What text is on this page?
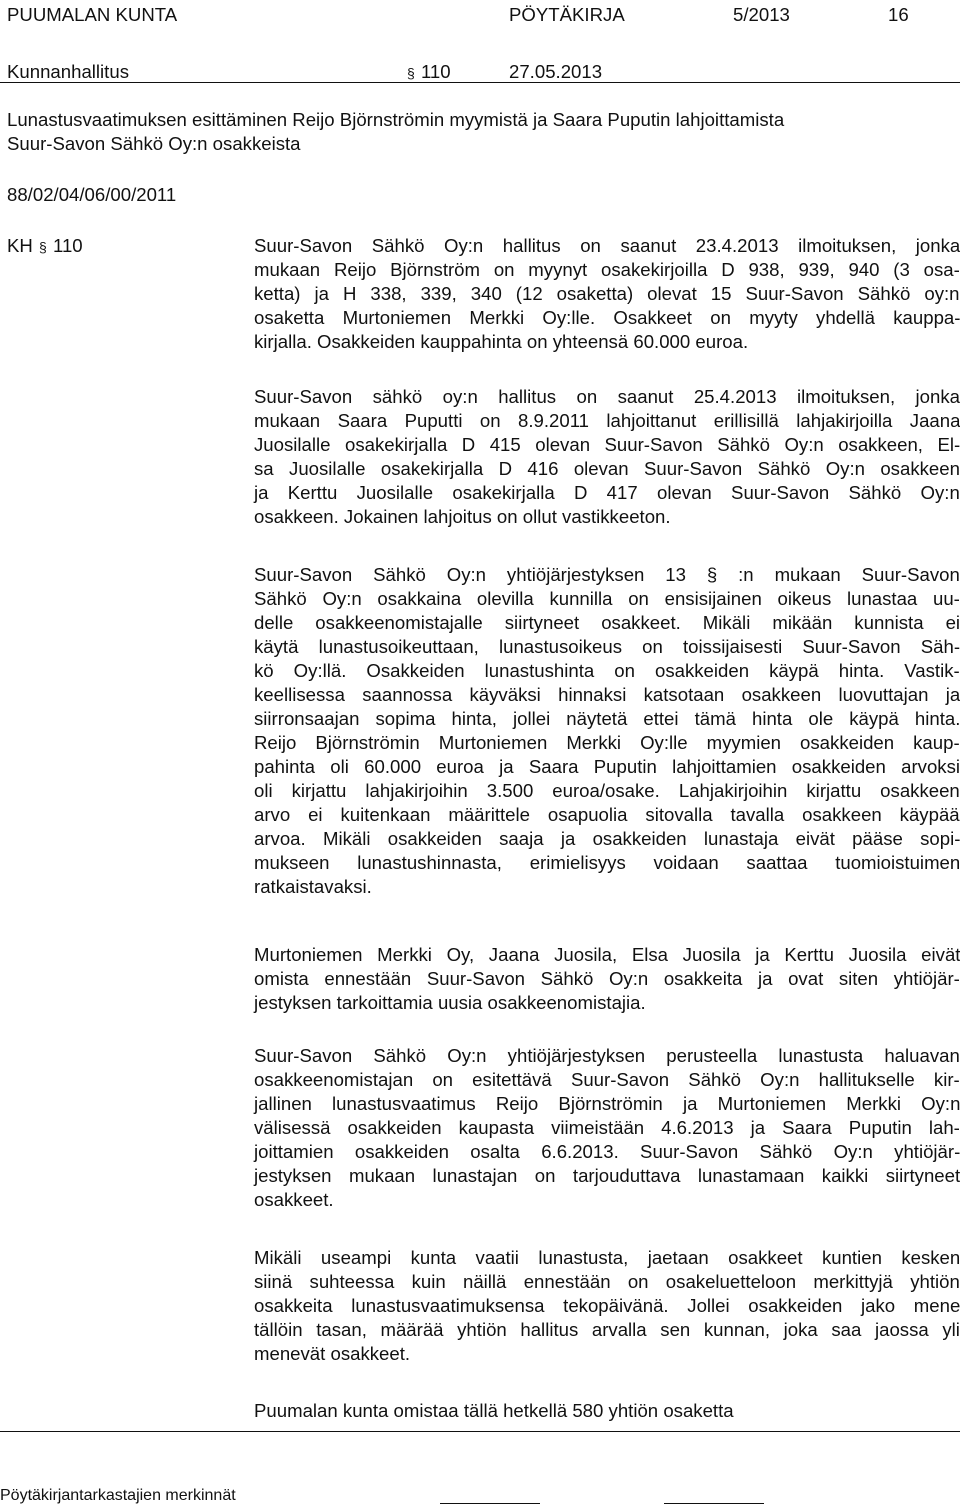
PUUMALAN KUNTA	PÖYTÄKIRJA	5/2013	16
Kunnanhallitus	§ 110	27.05.2013
Lunastusvaatimuksen esittäminen Reijo Björnströmin myymistä ja Saara Puputin lahjoittamista
Suur-Savon Sähkö Oy:n osakkeista
88/02/04/06/00/2011
KH § 110	Suur-Savon Sähkö Oy:n hallitus on saanut 23.4.2013 ilmoituksen, jonka

mukaan Reijo Björnström on myynyt osakekirjoilla D 938, 939, 940 (3 osa-

ketta) ja H 338, 339, 340 (12 osaketta) olevat 15 Suur-Savon Sähkö oy:n

osaketta Murtoniemen Merkki Oy:lle. Osakkeet on myyty yhdellä kauppa-

kirjalla. Osakkeiden kauppahinta on yhteensä 60.000 euroa.

Suur-Savon sähkö oy:n hallitus on saanut 25.4.2013 ilmoituksen, jonka

mukaan Saara Puputti on 8.9.2011 lahjoittanut erillisillä lahjakirjoilla Jaana

Juosilalle osakekirjalla D 415 olevan Suur-Savon Sähkö Oy:n osakkeen, El-

sa Juosilalle osakekirjalla D 416 olevan Suur-Savon Sähkö Oy:n osakkeen

ja Kerttu Juosilalle osakekirjalla D 417 olevan Suur-Savon Sähkö Oy:n

osakkeen. Jokainen lahjoitus on ollut vastikkeeton.

Suur-Savon Sähkö Oy:n yhtiöjärjestyksen 13 § :n mukaan Suur-Savon

Sähkö Oy:n osakkaina olevilla kunnilla on ensisijainen oikeus lunastaa uu-

delle osakkeenomistajalle siirtyneet osakkeet. Mikäli mikään kunnista ei

käytä lunastusoikeuttaan, lunastusoikeus on toissijaisesti Suur-Savon Säh-

kö Oy:llä. Osakkeiden lunastushinta on osakkeiden käypä hinta. Vastik-

keellisessa saannossa käyväksi hinnaksi katsotaan osakkeen luovuttajan ja

siirronsaajan sopima hinta, jollei näytetä ettei tämä hinta ole käypä hinta.

Reijo Björnströmin Murtoniemen Merkki Oy:lle myymien osakkeiden kaup-

pahinta oli 60.000 euroa ja Saara Puputin lahjoittamien osakkeiden arvoksi

oli kirjattu lahjakirjoihin 3.500 euroa/osake. Lahjakirjoihin kirjattu osakkeen

arvo ei kuitenkaan määrittele osapuolia sitovalla tavalla osakkeen käypää

arvoa. Mikäli osakkeiden saaja ja osakkeiden lunastaja eivät pääse sopi-

mukseen lunastushinnasta, erimielisyys voidaan saattaa tuomioistuimen

ratkaistavaksi.

Murtoniemen Merkki Oy, Jaana Juosila, Elsa Juosila ja Kerttu Juosila eivät

omista ennestään Suur-Savon Sähkö Oy:n osakkeita ja ovat siten yhtiöjär-

jestyksen tarkoittamia uusia osakkeenomistajia.

Suur-Savon Sähkö Oy:n yhtiöjärjestyksen perusteella lunastusta haluavan

osakkeenomistajan on esitettävä Suur-Savon Sähkö Oy:n hallitukselle kir-

jallinen lunastusvaatimus Reijo Björnströmin ja Murtoniemen Merkki Oy:n

välisessä osakkeiden kaupasta viimeistään 4.6.2013 ja Saara Puputin lah-

joittamien osakkeiden osalta 6.6.2013. Suur-Savon Sähkö Oy:n yhtiöjär-

jestyksen mukaan lunastajan on tarjouduttava lunastamaan kaikki siirtyneet

osakkeet.

Mikäli useampi kunta vaatii lunastusta, jaetaan osakkeet kuntien kesken

siinä suhteessa kuin näillä ennestään on osakeluetteloon merkittyjä yhtiön

osakkeita lunastusvaatimuksensa tekopäivänä. Jollei osakkeiden jako mene

tällöin tasan, määrää yhtiön hallitus arvalla sen kunnan, joka saa jaossa yli

menevät osakkeet.

Puumalan kunta omistaa tällä hetkellä 580 yhtiön osaketta

Pöytäkirjantarkastajien merkinnät
